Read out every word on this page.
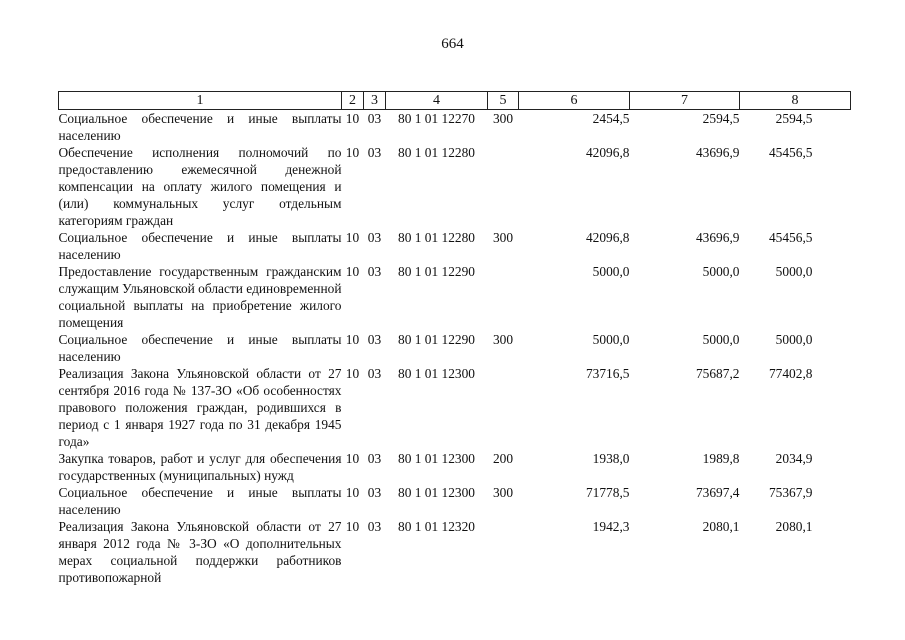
664
1	2	3	4	5	6	7	8
Социальное обеспечение и иные выплаты населению	10	03	80 1 01 12270	300	2454,5	2594,5	2594,5
Обеспечение исполнения полномочий по предоставлению ежемесячной денежной компенсации на оплату жилого помещения и (или) коммунальных услуг отдельным категориям граждан	10	03	80 1 01 12280		42096,8	43696,9	45456,5
Социальное обеспечение и иные выплаты населению	10	03	80 1 01 12280	300	42096,8	43696,9	45456,5
Предоставление государственным гражданским служащим Ульяновской области единовременной социальной выплаты на приобретение жилого помещения	10	03	80 1 01 12290		5000,0	5000,0	5000,0
Социальное обеспечение и иные выплаты населению	10	03	80 1 01 12290	300	5000,0	5000,0	5000,0
Реализация Закона Ульяновской области от 27 сентября 2016 года № 137-ЗО «Об особенностях правового положения граждан, родившихся в период с 1 января 1927 года по 31 декабря 1945 года»	10	03	80 1 01 12300		73716,5	75687,2	77402,8
Закупка товаров, работ и услуг для обеспечения государственных (муниципальных) нужд	10	03	80 1 01 12300	200	1938,0	1989,8	2034,9
Социальное обеспечение и иные выплаты населению	10	03	80 1 01 12300	300	71778,5	73697,4	75367,9
Реализация Закона Ульяновской области от 27 января 2012 года № 3-ЗО «О дополнительных мерах социальной поддержки работников противопожарной	10	03	80 1 01 12320		1942,3	2080,1	2080,1
